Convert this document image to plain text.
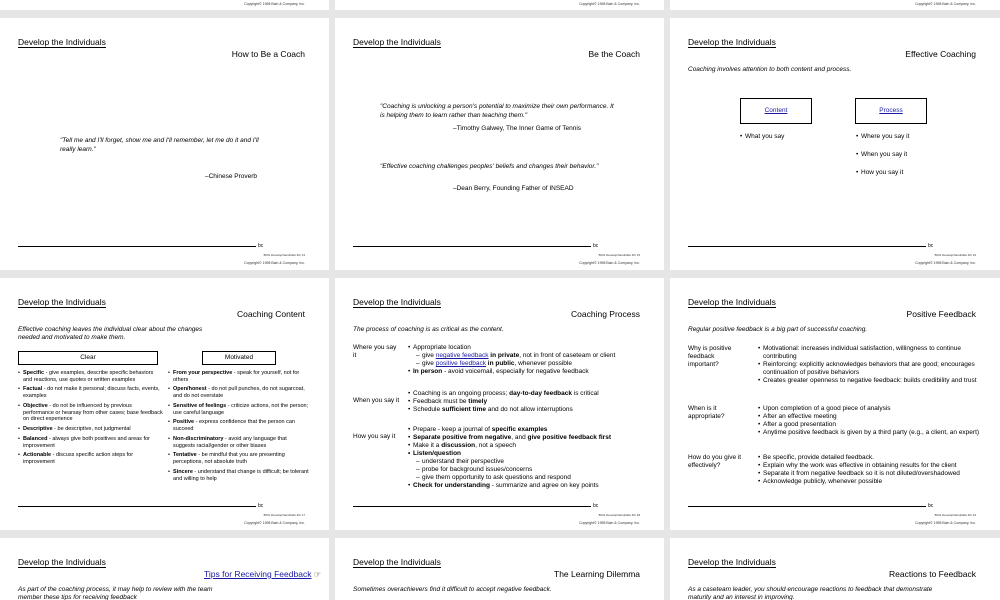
Copyright© 1998 Bain & Company, Inc.	Copyright© 1998 Bain & Company, Inc.	Copyright© 1998 Bain & Company, Inc.
Develop the Individuals
How to Be a Coach
"Tell me and I'll forget, show me and I'll remember, let me do it and I'll really learn."
–Chinese Proverb
bc
BOG Develop/hand/slds 4th 14
Copyright© 1998 Bain & Company, Inc.
Develop the Individuals
Be the Coach
"Coaching is unlocking a person's potential to maximize their own performance. It is helping them to learn rather than teaching them."
–Timothy Galwey, The Inner Game of Tennis
"Effective coaching challenges peoples' beliefs and changes their behavior."
–Dean Berry, Founding Father of INSEAD
bc
BOG Develop/hand/slds 4th 15
Copyright© 1998 Bain & Company, Inc.
Develop the Individuals
Effective Coaching
Coaching involves attention to both content and process.
Content	Process
• What you say
•	Where you say it
• When you say it
• How you say it
bc
BOG Develop/hand/slds 4th 16
Copyright© 1998 Bain & Company, Inc.
Develop the Individuals
Coaching Content
Effective coaching leaves the individual clear about the changes needed and motivated to make them.
Clear	Motivated
• Specific - give examples, describe specific behaviors and reactions, use quotes or written examples
• Factual - do not make it personal; discuss facts, events, examples
• Objective - do not be influenced by previous performance or hearsay from other cases; base feedback on direct experience
• Descriptive - be descriptive, not judgmental
• Balanced - always give both positives and areas for improvement
• Actionable - discuss specific action steps for improvement
• From your perspective - speak for yourself, not for others
• Open/honest - do not pull punches, do not sugarcoat, and do not overstate
• Sensitive of feelings - criticize actions, not the person; use careful language
• Positive - express confidence that the person can succeed
• Non-discriminatory - avoid any language that suggests racial/gender or other biases
• Tentative - be mindful that you are presenting perceptions, not absolute truth
• Sincere - understand that change is difficult; be tolerant and willing to help
bc
BOG Develop/hand/slds 4th 17
Copyright© 1998 Bain & Company, Inc.
Develop the Individuals
Coaching Process
The process of coaching is as critical as the content.
Where you say it
• Appropriate location
– give negative feedback in private, not in front of caseteam or client
– give positive feedback in public, whenever possible
• In person - avoid voicemail, especially for negative feedback
When you say it
• Coaching is an ongoing process; day-to-day feedback is critical
• Feedback must be timely
• Schedule sufficient time and do not allow interruptions
How you say it
• Prepare - keep a journal of specific examples
• Separate positive from negative, and give positive feedback first
• Make it a discussion, not a speech
• Listen/question
– understand their perspective
– probe for background issues/concerns
– give them opportunity to ask questions and respond
• Check for understanding - summarize and agree on key points
bc
BOG Develop/hand/slds 4th 18
Copyright© 1998 Bain & Company, Inc.
Develop the Individuals
Positive Feedback
Regular positive feedback is a big part of successful coaching.
Why is positive feedback important?
• Motivational: increases individual satisfaction, willingness to continue contributing
• Reinforcing: explicitly acknowledges behaviors that are good; encourages continuation of positive behaviors
• Creates greater openness to negative feedback: builds credibility and trust
When is it appropriate?
• Upon completion of a good piece of analysis
• After an effective meeting
• After a good presentation
• Anytime positive feedback is given by a third party (e.g., a client, an expert)
How do you give it effectively?
• Be specific, provide detailed feedback.
• Explain why the work was effective in obtaining results for the client
• Separate it from negative feedback so it is not diluted/overshadowed
• Acknowledge publicly, whenever possible
bc
BOG Develop/hand/slds 4th 19
Copyright© 1998 Bain & Company, Inc.
Develop the Individuals
Tips for Receiving Feedback ☞
As part of the coaching process, it may help to review with the team member these tips for receiving feedback
Develop the Individuals
The Learning Dilemma
Sometimes overachievers find it difficult to accept negative feedback.
Develop the Individuals
Reactions to Feedback
As a caseteam leader, you should encourage reactions to feedback that demonstrate maturity and an interest in improving.
